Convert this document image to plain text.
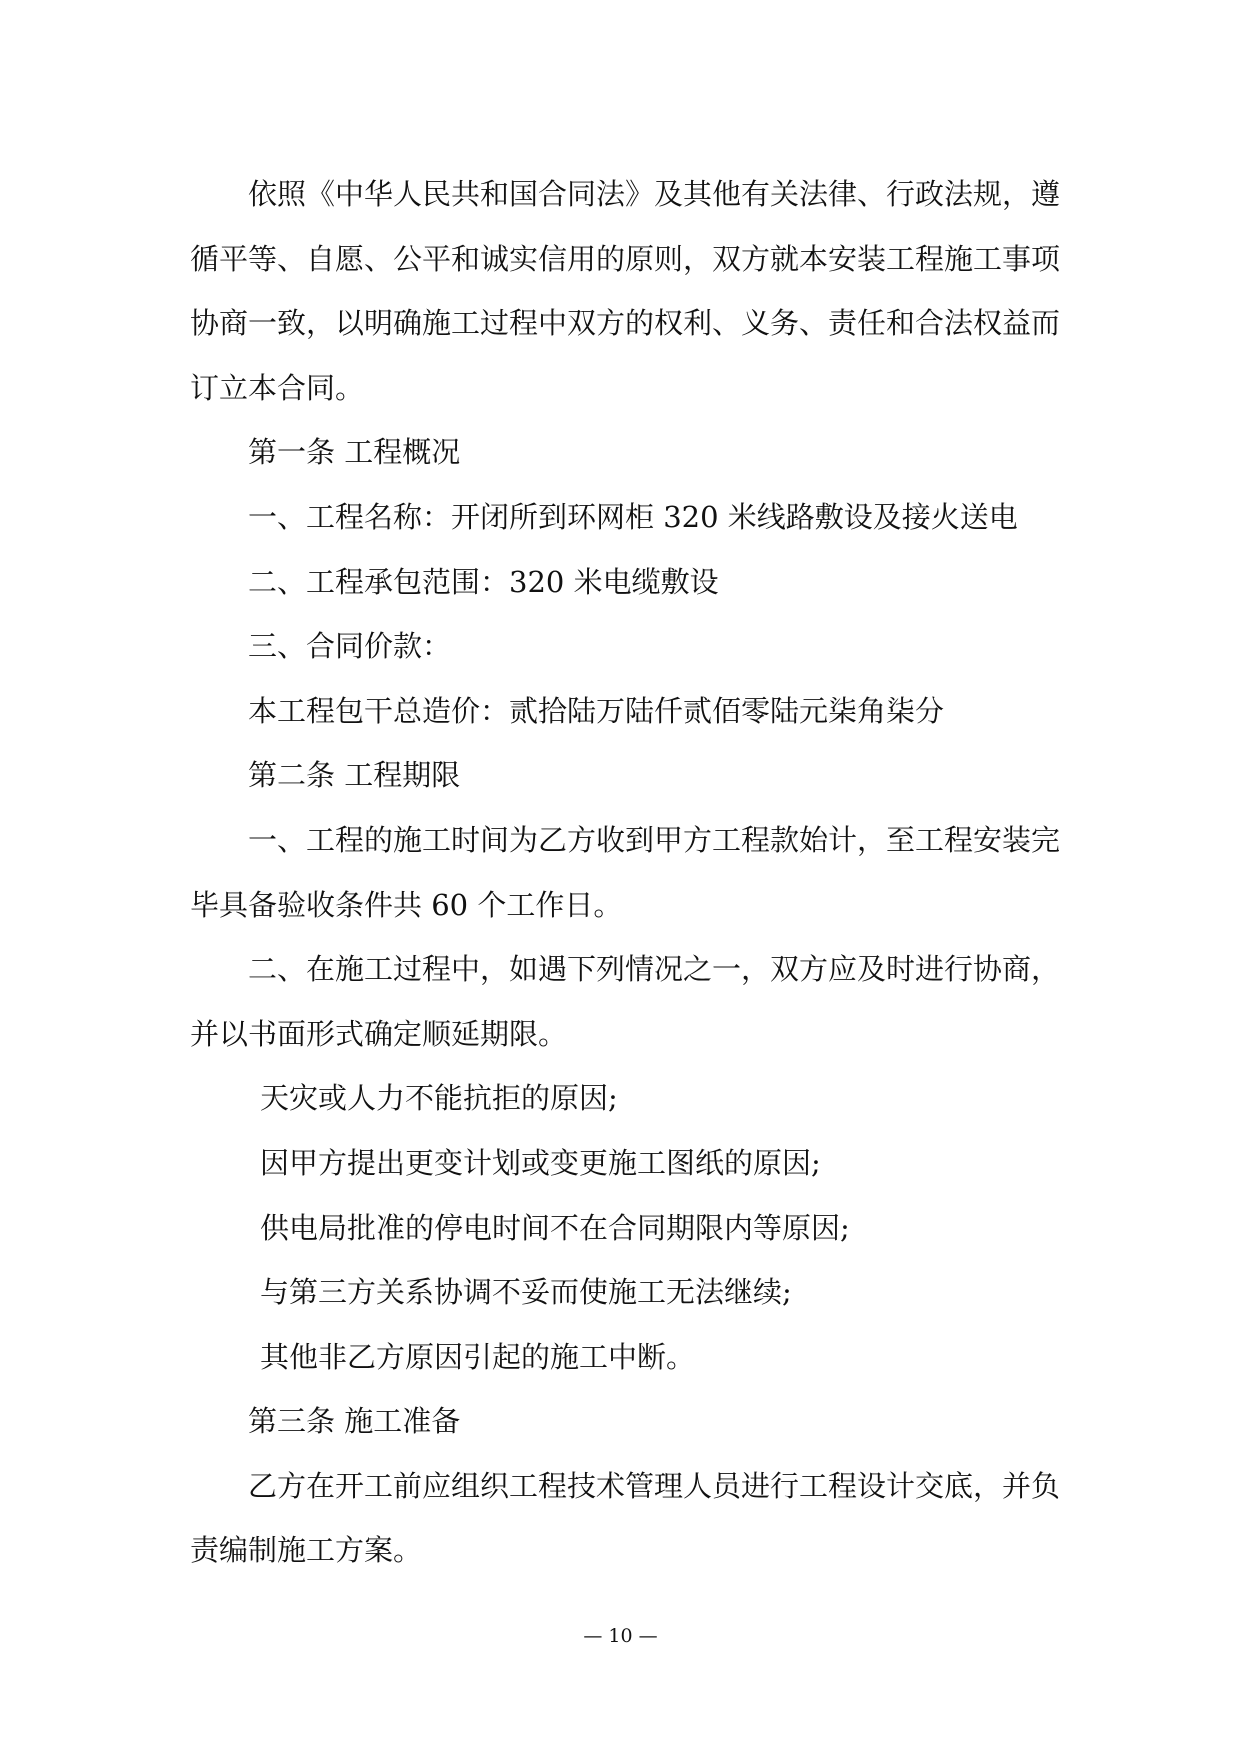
依照《中华人民共和国合同法》及其他有关法律、行政法规，遵

循平等、自愿、公平和诚实信用的原则，双方就本安装工程施工事项

协商一致，以明确施工过程中双方的权利、义务、责任和合法权益而

订立本合同。

第一条 工程概况

一、工程名称：开闭所到环网柜 320 米线路敷设及接火送电

二、工程承包范围：320 米电缆敷设

三、合同价款：

本工程包干总造价：贰拾陆万陆仟贰佰零陆元柒角柒分

第二条 工程期限

一、工程的施工时间为乙方收到甲方工程款始计，至工程安装完

毕具备验收条件共 60 个工作日。

二、在施工过程中，如遇下列情况之一，双方应及时进行协商，

并以书面形式确定顺延期限。

天灾或人力不能抗拒的原因;

因甲方提出更变计划或变更施工图纸的原因;

供电局批准的停电时间不在合同期限内等原因;

与第三方关系协调不妥而使施工无法继续;

其他非乙方原因引起的施工中断。

第三条 施工准备

乙方在开工前应组织工程技术管理人员进行工程设计交底，并负

责编制施工方案。

— 10 —
